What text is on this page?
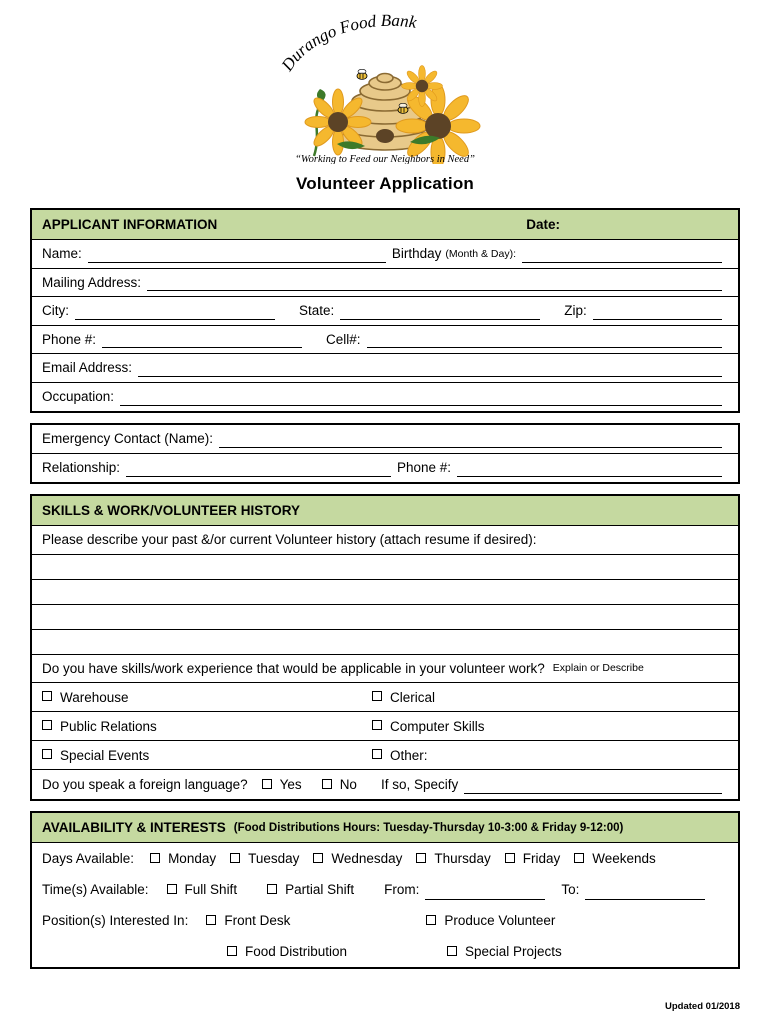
Durango Food Bank
“Working to Feed our Neighbors in Need”
Volunteer Application
APPLICANT INFORMATION	Date:
Name:	Birthday (Month & Day):
Mailing Address:
City:	State:	Zip:
Phone #:	Cell#:
Email Address:
Occupation:
Emergency Contact (Name):
Relationship:	Phone #:
SKILLS & WORK/VOLUNTEER HISTORY
Please describe your past &/or current Volunteer history (attach resume if desired):
Do you have skills/work experience that would be applicable in your volunteer work? Explain or Describe
Warehouse	Clerical
Public Relations	Computer Skills
Special Events	Other:
Do you speak a foreign language? Yes	No If so, Specify
AVAILABILITY & INTERESTS (Food Distributions Hours: Tuesday-Thursday 10-3:00 & Friday 9-12:00)
Days Available:	Monday Tuesday Wednesday Thursday Friday Weekends
Time(s) Available:	Full Shift	Partial Shift From:	To:
Position(s) Interested In:	Front Desk	Produce Volunteer
Food Distribution	Special Projects
Updated 01/2018
